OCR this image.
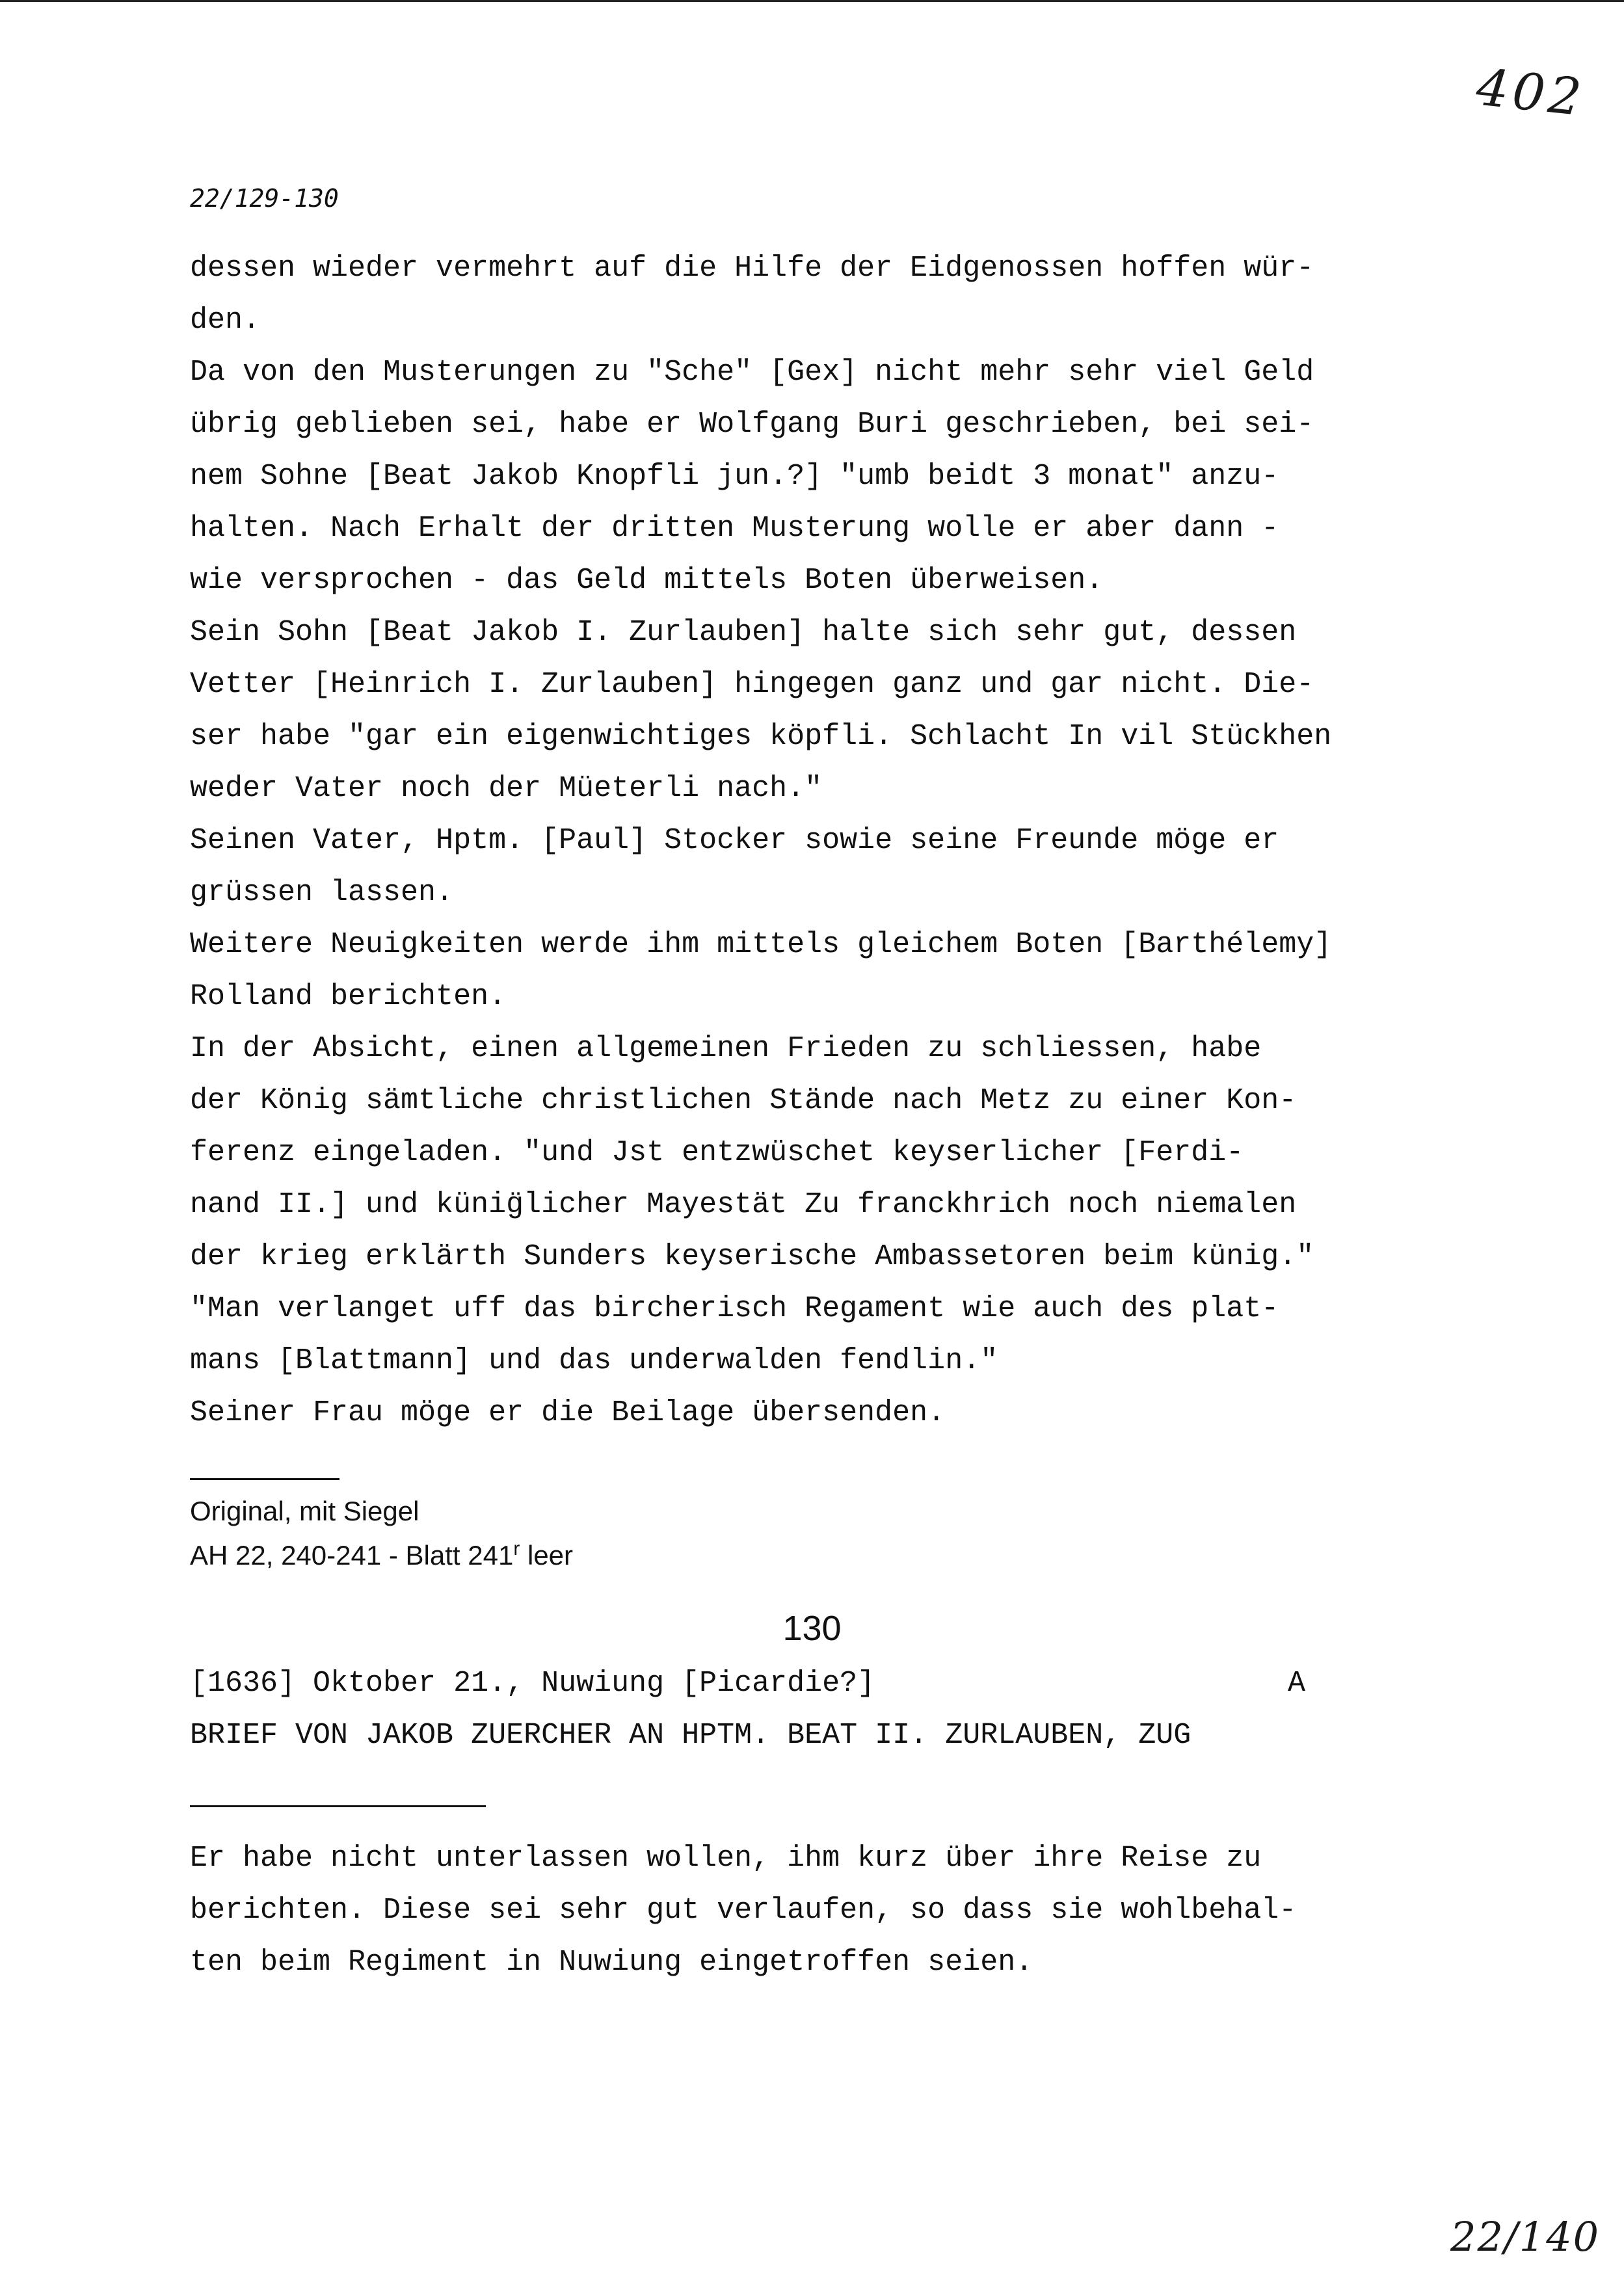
402
22/129-130
dessen wieder vermehrt auf die Hilfe der Eidgenossen hoffen wür-
den.
Da von den Musterungen zu "Sche" [Gex] nicht mehr sehr viel Geld
übrig geblieben sei, habe er Wolfgang Buri geschrieben, bei sei-
nem Sohne [Beat Jakob Knopfli jun.?] "umb beidt 3 monat" anzu-
halten. Nach Erhalt der dritten Musterung wolle er aber dann -
wie versprochen - das Geld mittels Boten überweisen.
Sein Sohn [Beat Jakob I. Zurlauben] halte sich sehr gut, dessen
Vetter [Heinrich I. Zurlauben] hingegen ganz und gar nicht. Die-
ser habe "gar ein eigenwichtiges köpfli. Schlacht In vil Stückhen
weder Vater noch der Müeterli nach."
Seinen Vater, Hptm. [Paul] Stocker sowie seine Freunde möge er
grüssen lassen.
Weitere Neuigkeiten werde ihm mittels gleichem Boten [Barthélemy]
Rolland berichten.
In der Absicht, einen allgemeinen Frieden zu schliessen, habe
der König sämtliche christlichen Stände nach Metz zu einer Kon-
ferenz eingeladen. "und Jst entzwüschet keyserlicher [Ferdi-
nand II.] und künig̈licher Mayestät Zu franckhrich noch niemalen
der krieg erklärth Sunders keyserische Ambassetoren beim künig."
"Man verlanget uff das bircherisch Regament wie auch des plat-
mans [Blattmann] und das underwalden fendlin."
Seiner Frau möge er die Beilage übersenden.
Original, mit Siegel
AH 22, 240-241 - Blatt 241$^r$ leer
130
[1636] Oktober 21., Nuwiung [Picardie?]	A
BRIEF VON JAKOB ZUERCHER AN HPTM. BEAT II. ZURLAUBEN, ZUG
Er habe nicht unterlassen wollen, ihm kurz über ihre Reise zu
berichten. Diese sei sehr gut verlaufen, so dass sie wohlbehal-
ten beim Regiment in Nuwiung eingetroffen seien.
22/140
